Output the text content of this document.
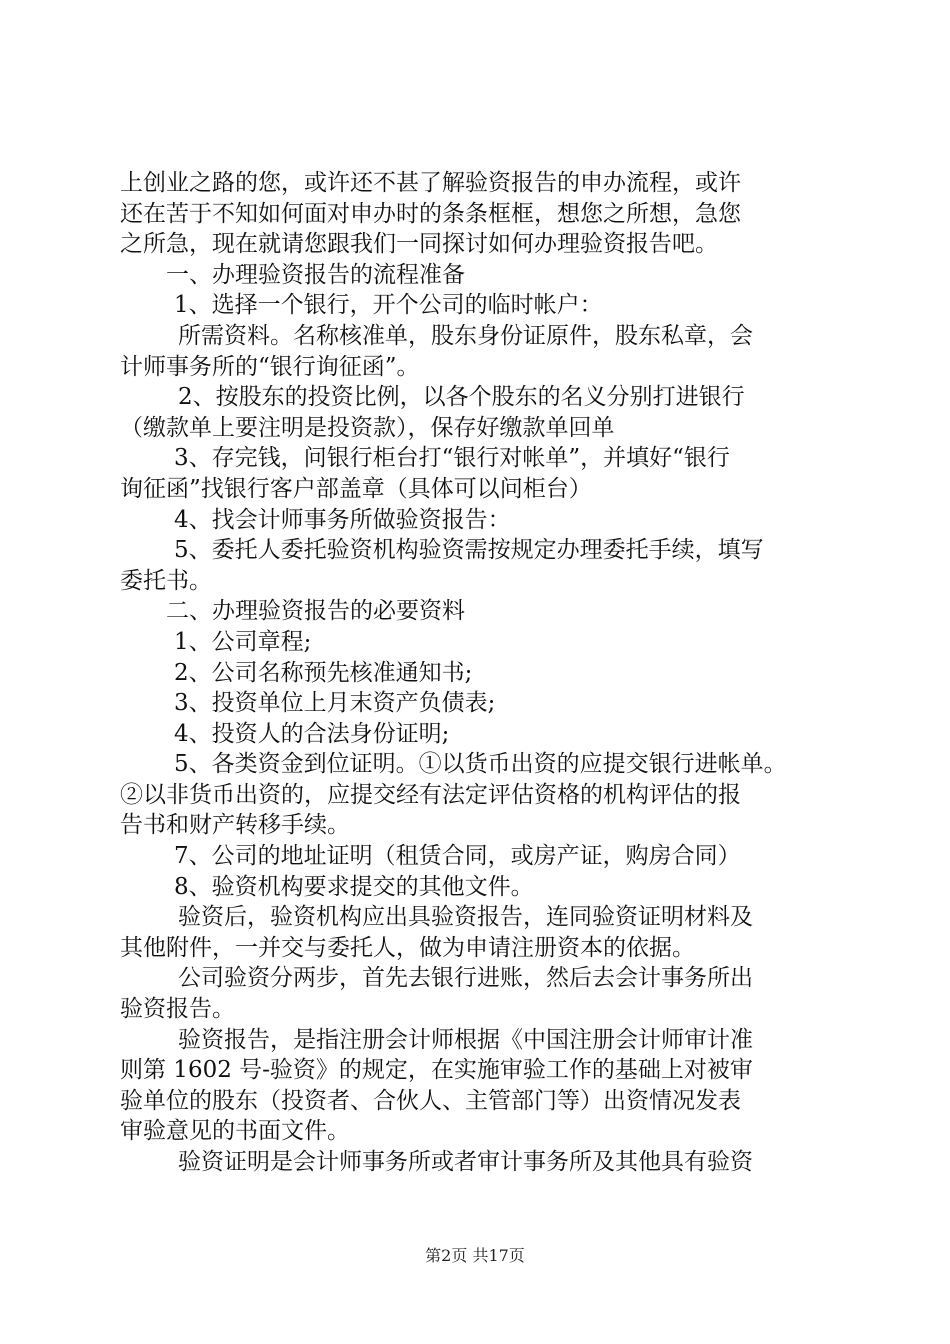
上创业之路的您，或许还不甚了解验资报告的申办流程，或许
还在苦于不知如何面对申办时的条条框框，想您之所想，急您
之所急，现在就请您跟我们一同探讨如何办理验资报告吧。
一、办理验资报告的流程准备
1、选择一个银行，开个公司的临时帐户：
所需资料。名称核准单，股东身份证原件，股东私章，会
计师事务所的“银行询征函”。
2、按股东的投资比例，以各个股东的名义分别打进银行
（缴款单上要注明是投资款），保存好缴款单回单
3、存完钱，问银行柜台打“银行对帐单”，并填好“银行
询征函”找银行客户部盖章（具体可以问柜台）
4、找会计师事务所做验资报告：
5、委托人委托验资机构验资需按规定办理委托手续，填写
委托书。
二、办理验资报告的必要资料
1、公司章程;
2、公司名称预先核准通知书;
3、投资单位上月末资产负债表;
4、投资人的合法身份证明;
5、各类资金到位证明。①以货币出资的应提交银行进帐单。
②以非货币出资的，应提交经有法定评估资格的机构评估的报
告书和财产转移手续。
7、公司的地址证明（租赁合同，或房产证，购房合同）
8、验资机构要求提交的其他文件。
验资后，验资机构应出具验资报告，连同验资证明材料及
其他附件，一并交与委托人，做为申请注册资本的依据。
公司验资分两步，首先去银行进账，然后去会计事务所出
验资报告。
验资报告，是指注册会计师根据《中国注册会计师审计准
则第 1602 号-验资》的规定，在实施审验工作的基础上对被审
验单位的股东（投资者、合伙人、主管部门等）出资情况发表
审验意见的书面文件。
验资证明是会计师事务所或者审计事务所及其他具有验资
第2页 共17页
